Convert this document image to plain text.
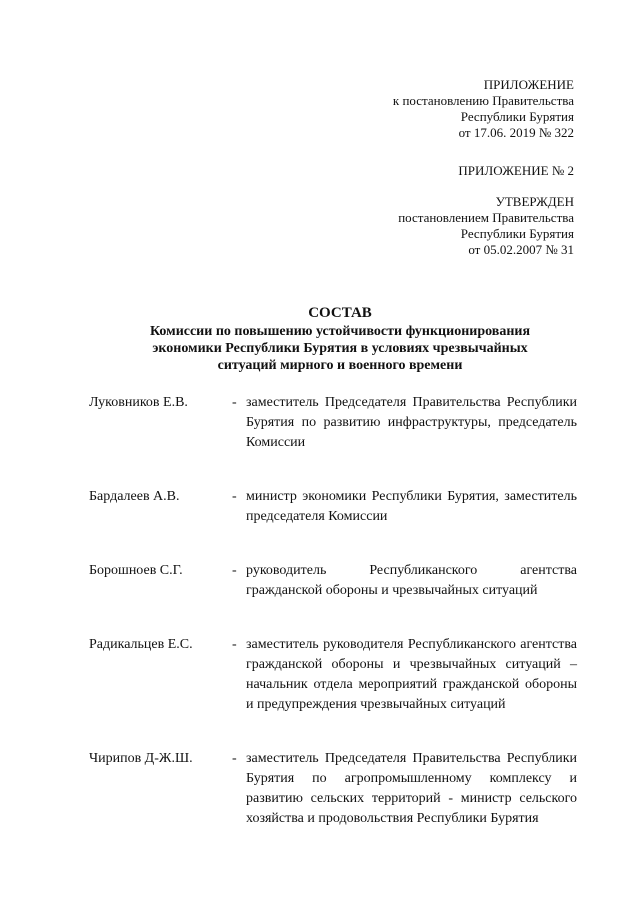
ПРИЛОЖЕНИЕ
к постановлению Правительства
Республики Бурятия
от 17.06. 2019 № 322
ПРИЛОЖЕНИЕ № 2
УТВЕРЖДЕН
постановлением Правительства
Республики Бурятия
от 05.02.2007 № 31
СОСТАВ
Комиссии по повышению устойчивости функционирования
экономики Республики Бурятия в условиях чрезвычайных
ситуаций мирного и военного времени
Луковников Е.В.	- заместитель Председателя Правительства Республики Бурятия по развитию инфраструктуры, председатель Комиссии
Бардалеев А.В.	- министр экономики Республики Бурятия, заместитель председателя Комиссии
Борошноев С.Г.	- руководитель Республиканского агентства гражданской обороны и чрезвычайных ситуаций
Радикальцев Е.С.	- заместитель руководителя Республиканского агентства гражданской обороны и чрезвычайных ситуаций – начальник отдела мероприятий гражданской обороны и предупреждения чрезвычайных ситуаций
Чирипов Д-Ж.Ш.	- заместитель Председателя Правительства Республики Бурятия по агропромышленному комплексу и развитию сельских территорий - министр сельского хозяйства и продовольствия Республики Бурятия
